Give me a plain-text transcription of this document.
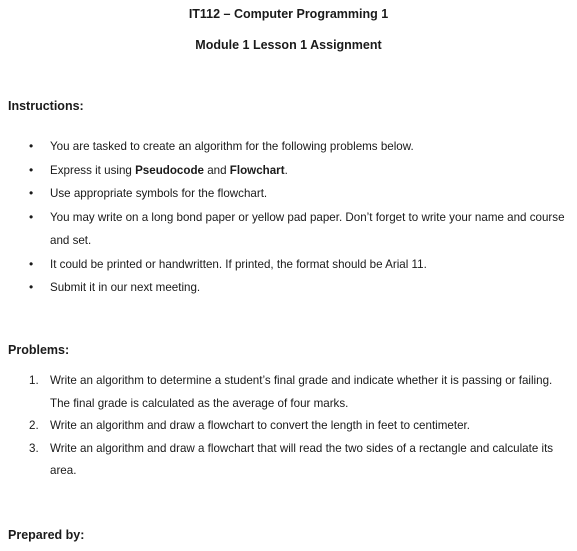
IT112 – Computer Programming 1
Module 1 Lesson 1 Assignment
Instructions:
• You are tasked to create an algorithm for the following problems below.
• Express it using Pseudocode and Flowchart.
• Use appropriate symbols for the flowchart.
• You may write on a long bond paper or yellow pad paper. Don’t forget to write your name and course and set.
• It could be printed or handwritten. If printed, the format should be Arial 11.
• Submit it in our next meeting.
Problems:
1. Write an algorithm to determine a student’s final grade and indicate whether it is passing or failing. The final grade is calculated as the average of four marks.
2. Write an algorithm and draw a flowchart to convert the length in feet to centimeter.
3. Write an algorithm and draw a flowchart that will read the two sides of a rectangle and calculate its area.
Prepared by:
